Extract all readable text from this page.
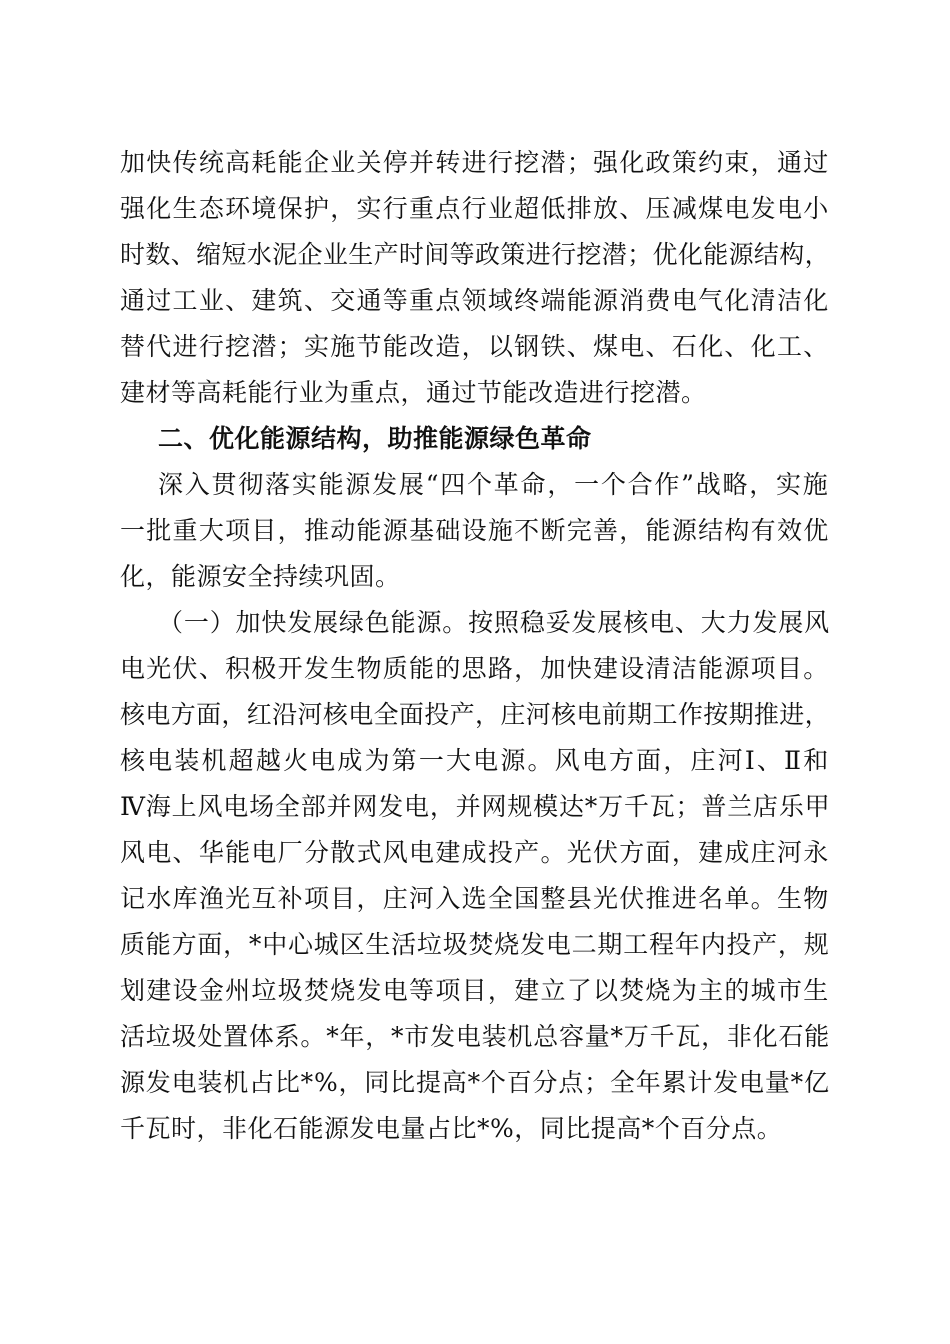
加快传统高耗能企业关停并转进行挖潜；强化政策约束，通过
强化生态环境保护，实行重点行业超低排放、压减煤电发电小
时数、缩短水泥企业生产时间等政策进行挖潜；优化能源结构，
通过工业、建筑、交通等重点领域终端能源消费电气化清洁化
替代进行挖潜；实施节能改造，以钢铁、煤电、石化、化工、
建材等高耗能行业为重点，通过节能改造进行挖潜。
二、优化能源结构，助推能源绿色革命
深入贯彻落实能源发展“四个革命，一个合作”战略，实施
一批重大项目，推动能源基础设施不断完善，能源结构有效优
化，能源安全持续巩固。
（一）加快发展绿色能源。按照稳妥发展核电、大力发展风
电光伏、积极开发生物质能的思路，加快建设清洁能源项目。
核电方面，红沿河核电全面投产，庄河核电前期工作按期推进，
核电装机超越火电成为第一大电源。风电方面，庄河Ⅰ、Ⅱ和
Ⅳ海上风电场全部并网发电，并网规模达*万千瓦；普兰店乐甲
风电、华能电厂分散式风电建成投产。光伏方面，建成庄河永
记水库渔光互补项目，庄河入选全国整县光伏推进名单。生物
质能方面，*中心城区生活垃圾焚烧发电二期工程年内投产，规
划建设金州垃圾焚烧发电等项目，建立了以焚烧为主的城市生
活垃圾处置体系。*年，*市发电装机总容量*万千瓦，非化石能
源发电装机占比*%，同比提高*个百分点；全年累计发电量*亿
千瓦时，非化石能源发电量占比*%，同比提高*个百分点。
